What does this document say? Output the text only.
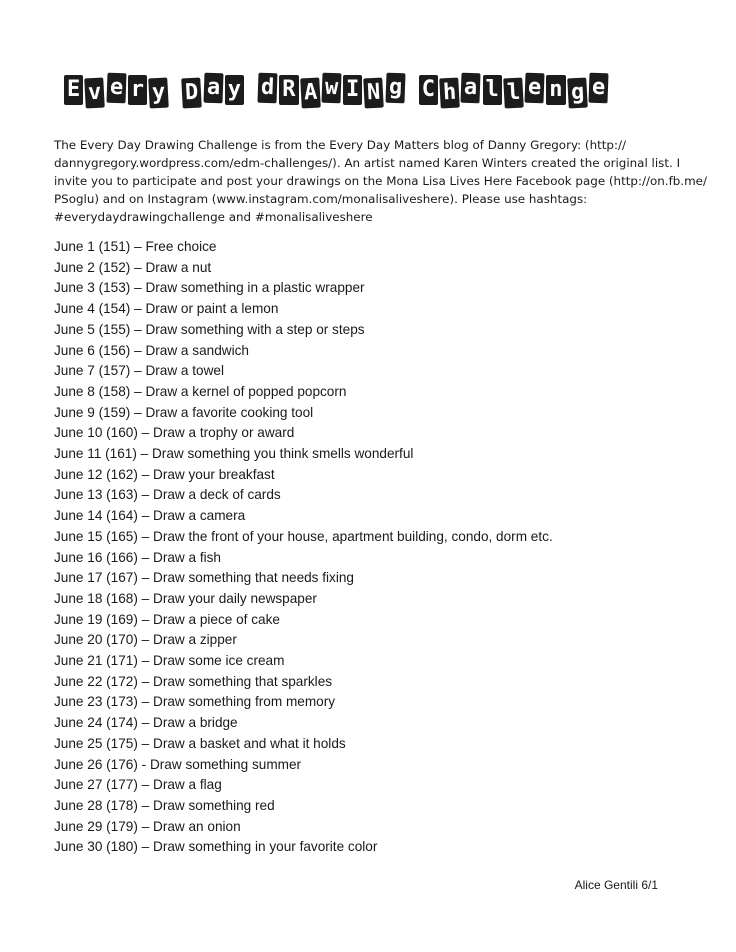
E v e r y D a y d R A w I N g C h a l l e n g e
The Every Day Drawing Challenge is from the Every Day Matters blog of Danny Gregory: (http://
dannygregory.wordpress.com/edm-challenges/). An artist named Karen Winters created the original list. I
invite you to participate and post your drawings on the Mona Lisa Lives Here Facebook page (http://on.fb.me/
PSoglu) and on Instagram (www.instagram.com/monalisaliveshere). Please use hashtags:
#everydaydrawingchallenge and #monalisaliveshere

June 1 (151) – Free choice
June 2 (152) – Draw a nut
June 3 (153) – Draw something in a plastic wrapper
June 4 (154) – Draw or paint a lemon
June 5 (155) – Draw something with a step or steps
June 6 (156) – Draw a sandwich
June 7 (157) – Draw a towel
June 8 (158) – Draw a kernel of popped popcorn
June 9 (159) – Draw a favorite cooking tool
June 10 (160) – Draw a trophy or award
June 11 (161) – Draw something you think smells wonderful
June 12 (162) – Draw your breakfast
June 13 (163) – Draw a deck of cards
June 14 (164) – Draw a camera
June 15 (165) – Draw the front of your house, apartment building, condo, dorm etc.
June 16 (166) – Draw a fish
June 17 (167) – Draw something that needs fixing
June 18 (168) – Draw your daily newspaper
June 19 (169) – Draw a piece of cake
June 20 (170) – Draw a zipper
June 21 (171) – Draw some ice cream
June 22 (172) – Draw something that sparkles
June 23 (173) – Draw something from memory
June 24 (174) – Draw a bridge
June 25 (175) – Draw a basket and what it holds
June 26 (176) - Draw something summer
June 27 (177) – Draw a flag
June 28 (178) – Draw something red
June 29 (179) – Draw an onion
June 30 (180) – Draw something in your favorite color
Alice Gentili 6/1
